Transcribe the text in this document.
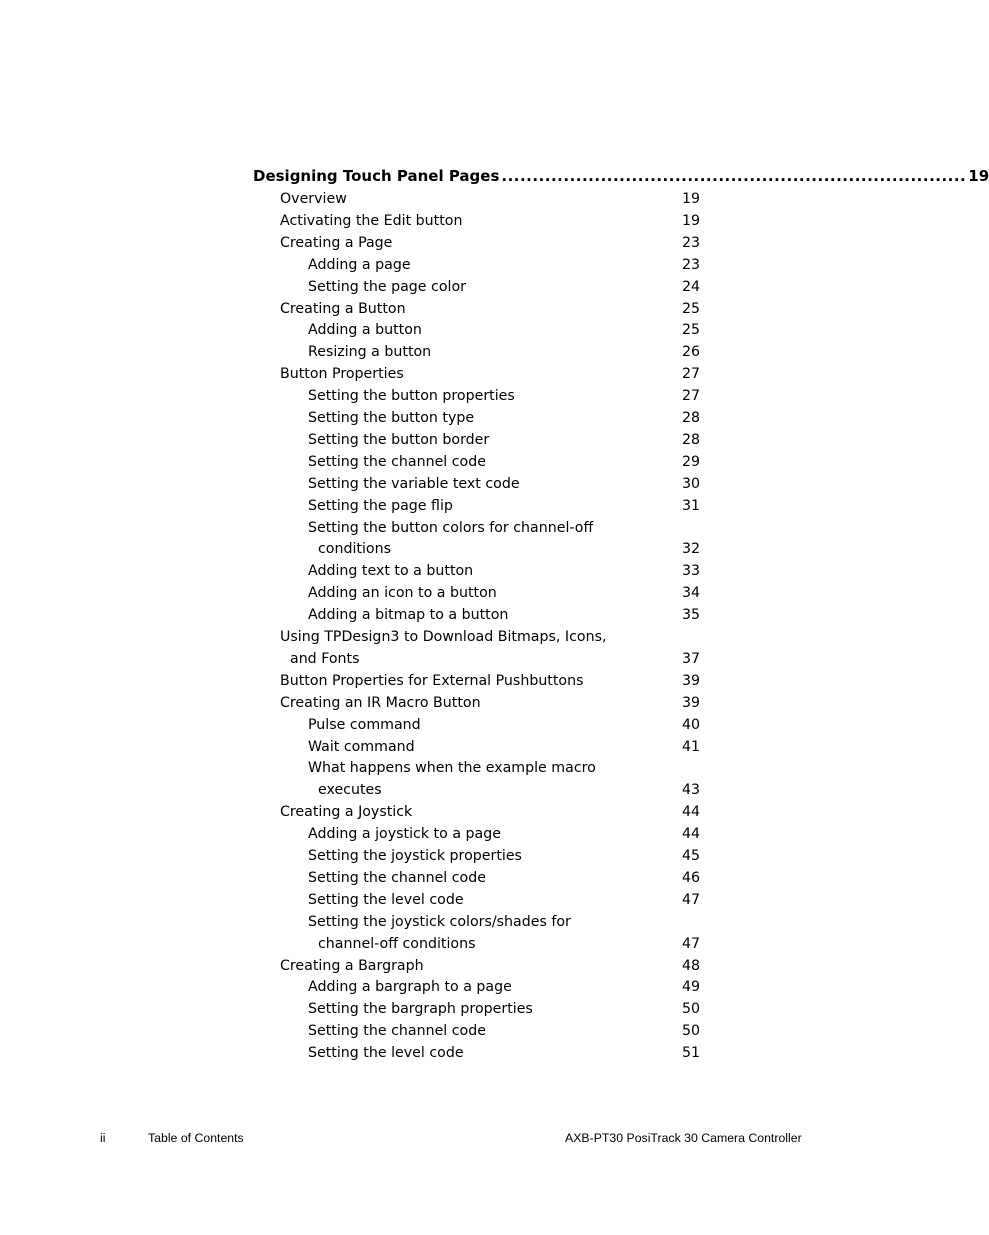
Designing Touch Panel Pages ........................................................................... 19
Overview	19
Activating the Edit button	19
Creating a Page	23
Adding a page	23
Setting the page color	24
Creating a Button	25
Adding a button	25
Resizing a button	26
Button Properties	27
Setting the button properties	27
Setting the button type	28
Setting the button border	28
Setting the channel code	29
Setting the variable text code	30
Setting the page flip	31
Setting the button colors for channel-off
conditions	32
Adding text to a button	33
Adding an icon to a button	34
Adding a bitmap to a button	35
Using TPDesign3 to Download Bitmaps, Icons,
and Fonts	37
Button Properties for External Pushbuttons	39
Creating an IR Macro Button	39
Pulse command	40
Wait command	41
What happens when the example macro
executes	43
Creating a Joystick	44
Adding a joystick to a page	44
Setting the joystick properties	45
Setting the channel code	46
Setting the level code	47
Setting the joystick colors/shades for
channel-off conditions	47
Creating a Bargraph	48
Adding a bargraph to a page	49
Setting the bargraph properties	50
Setting the channel code	50
Setting the level code	51
ii	Table of Contents	AXB-PT30 PosiTrack 30 Camera Controller
